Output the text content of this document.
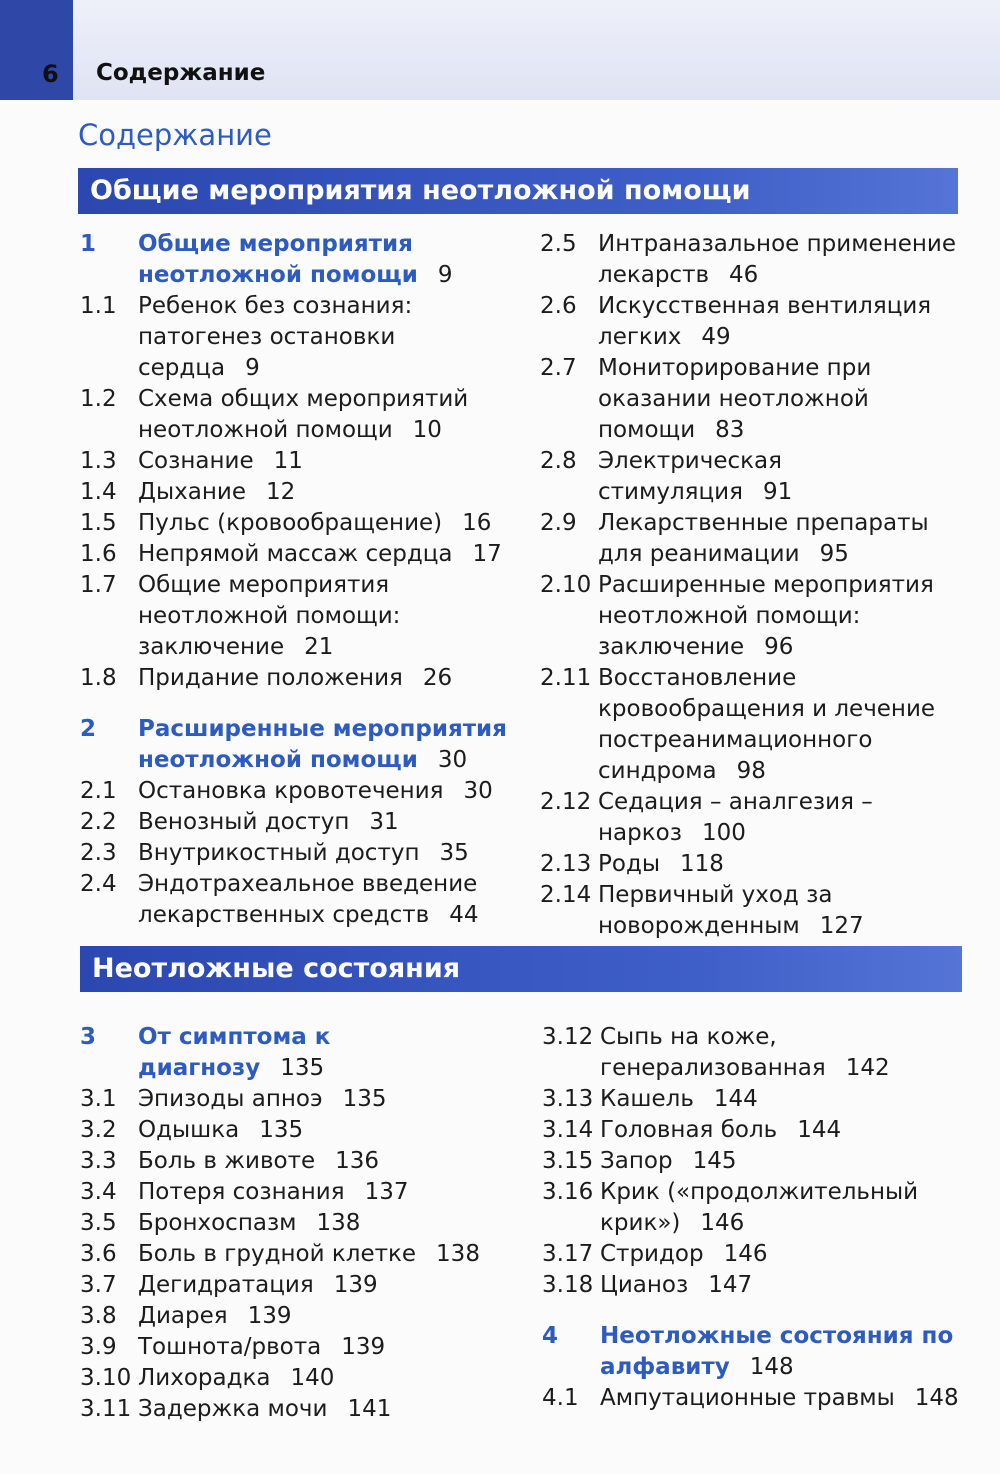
6 Содержание
Содержание
Общие мероприятия неотложной помощи
1 Общие мероприятия неотложной помощи 9
1.1 Ребенок без сознания: патогенез остановки сердца 9
1.2 Схема общих мероприятий неотложной помощи 10
1.3 Сознание 11
1.4 Дыхание 12
1.5 Пульс (кровообращение) 16
1.6 Непрямой массаж сердца 17
1.7 Общие мероприятия неотложной помощи: заключение 21
1.8 Придание положения 26
2 Расширенные мероприятия неотложной помощи 30
2.1 Остановка кровотечения 30
2.2 Венозный доступ 31
2.3 Внутрикостный доступ 35
2.4 Эндотрахеальное введение лекарственных средств 44
2.5 Интраназальное применение лекарств 46
2.6 Искусственная вентиляция легких 49
2.7 Мониторирование при оказании неотложной помощи 83
2.8 Электрическая стимуляция 91
2.9 Лекарственные препараты для реанимации 95
2.10 Расширенные мероприятия неотложной помощи: заключение 96
2.11 Восстановление кровообращения и лечение постреанимационного синдрома 98
2.12 Седация – аналгезия – наркоз 100
2.13 Роды 118
2.14 Первичный уход за новорожденным 127
Неотложные состояния
3 От симптома к диагнозу 135
3.1 Эпизоды апноэ 135
3.2 Одышка 135
3.3 Боль в животе 136
3.4 Потеря сознания 137
3.5 Бронхоспазм 138
3.6 Боль в грудной клетке 138
3.7 Дегидратация 139
3.8 Диарея 139
3.9 Тошнота/рвота 139
3.10 Лихорадка 140
3.11 Задержка мочи 141
3.12 Сыпь на коже, генерализованная 142
3.13 Кашель 144
3.14 Головная боль 144
3.15 Запор 145
3.16 Крик («продолжительный крик») 146
3.17 Стридор 146
3.18 Цианоз 147
4 Неотложные состояния по алфавиту 148
4.1 Ампутационные травмы 148
